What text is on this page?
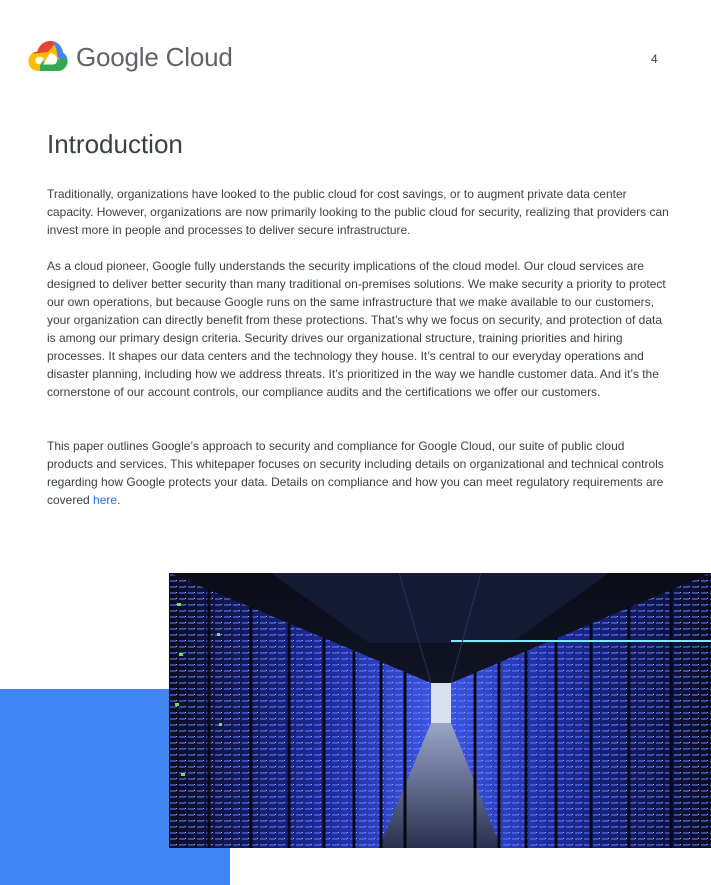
Google Cloud	4
Introduction

Traditionally, organizations have looked to the public cloud for cost savings, or to augment private data center capacity. However, organizations are now primarily looking to the public cloud for security, realizing that providers can invest more in people and processes to deliver secure infrastructure.

As a cloud pioneer, Google fully understands the security implications of the cloud model. Our cloud services are designed to deliver better security than many traditional on-premises solutions. We make security a priority to protect our own operations, but because Google runs on the same infrastructure that we make available to our customers, your organization can directly benefit from these protections. That’s why we focus on security, and protection of data is among our primary design criteria. Security drives our organizational structure, training priorities and hiring processes. It shapes our data centers and the technology they house. It’s central to our everyday operations and disaster planning, including how we address threats. It’s prioritized in the way we handle customer data. And it’s the cornerstone of our account controls, our compliance audits and the certifications we offer our customers.

This paper outlines Google’s approach to security and compliance for Google Cloud, our suite of public cloud products and services. This whitepaper focuses on security including details on organizational and technical controls regarding how Google protects your data. Details on compliance and how you can meet regulatory requirements are covered here.
